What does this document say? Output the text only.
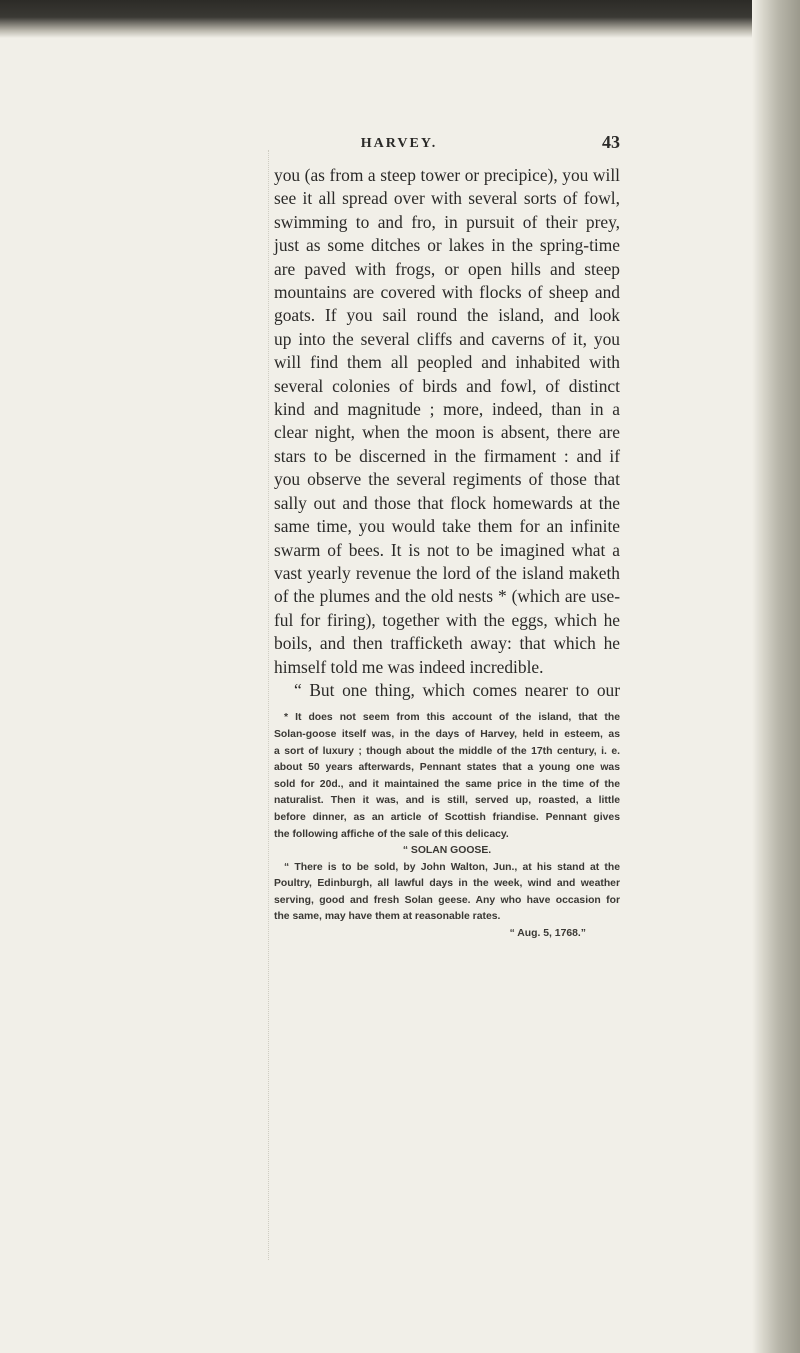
HARVEY.	43
you (as from a steep tower or precipice), you will
see it all spread over with several sorts of fowl,
swimming to and fro, in pursuit of their prey,
just as some ditches or lakes in the spring-time
are paved with frogs, or open hills and steep
mountains are covered with flocks of sheep and
goats. If you sail round the island, and look
up into the several cliffs and caverns of it, you
will find them all peopled and inhabited with
several colonies of birds and fowl, of distinct
kind and magnitude ; more, indeed, than in a
clear night, when the moon is absent, there are
stars to be discerned in the firmament : and if
you observe the several regiments of those that
sally out and those that flock homewards at the
same time, you would take them for an infinite
swarm of bees. It is not to be imagined what a
vast yearly revenue the lord of the island maketh
of the plumes and the old nests * (which are use-
ful for firing), together with the eggs, which he
boils, and then trafficketh away: that which he
himself told me was indeed incredible.
“ But one thing, which comes nearer to our
* It does not seem from this account of the island, that the
Solan-goose itself was, in the days of Harvey, held in esteem, as
a sort of luxury ; though about the middle of the 17th century, i. e.
about 50 years afterwards, Pennant states that a young one was
sold for 20d., and it maintained the same price in the time of the
naturalist. Then it was, and is still, served up, roasted, a little
before dinner, as an article of Scottish friandise. Pennant gives
the following affiche of the sale of this delicacy.
“ SOLAN GOOSE.
“ There is to be sold, by John Walton, Jun., at his stand at the
Poultry, Edinburgh, all lawful days in the week, wind and weather
serving, good and fresh Solan geese. Any who have occasion for
the same, may have them at reasonable rates.
“ Aug. 5, 1768.”
